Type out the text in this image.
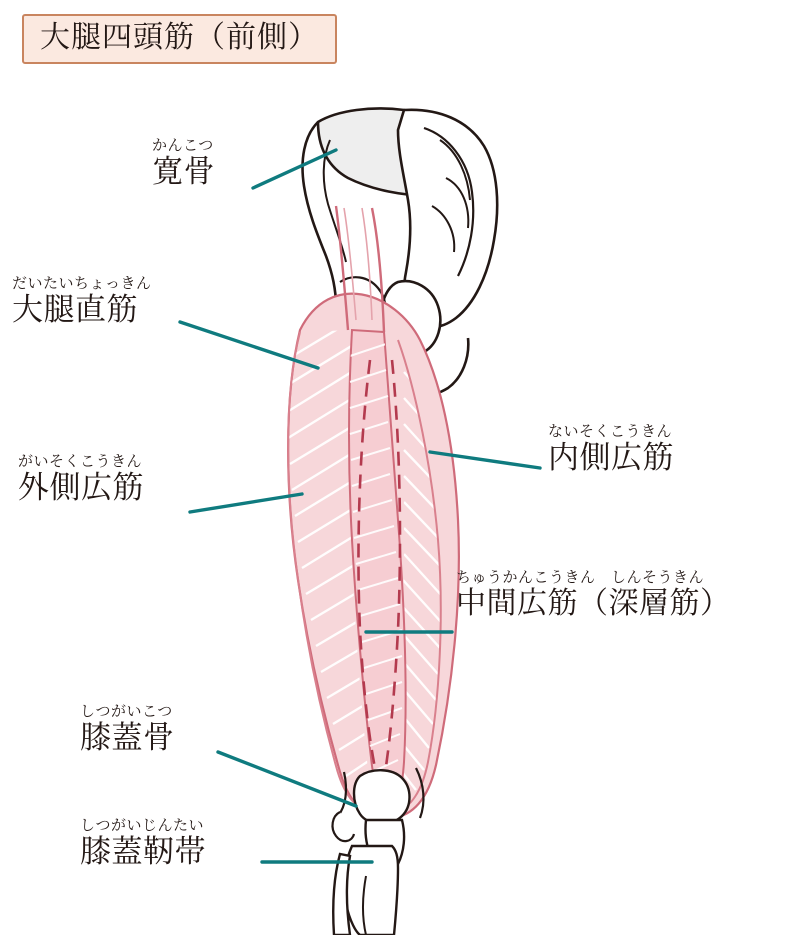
大腿四頭筋（前側）
かんこつ
寛骨
だいたいちょっきん
大腿直筋
がいそくこうきん
外側広筋
ないそくこうきん
内側広筋
ちゅうかんこうきん　しんそうきん
中間広筋（深層筋）
しつがいこつ
膝蓋骨
しつがいじんたい
膝蓋靭帯
